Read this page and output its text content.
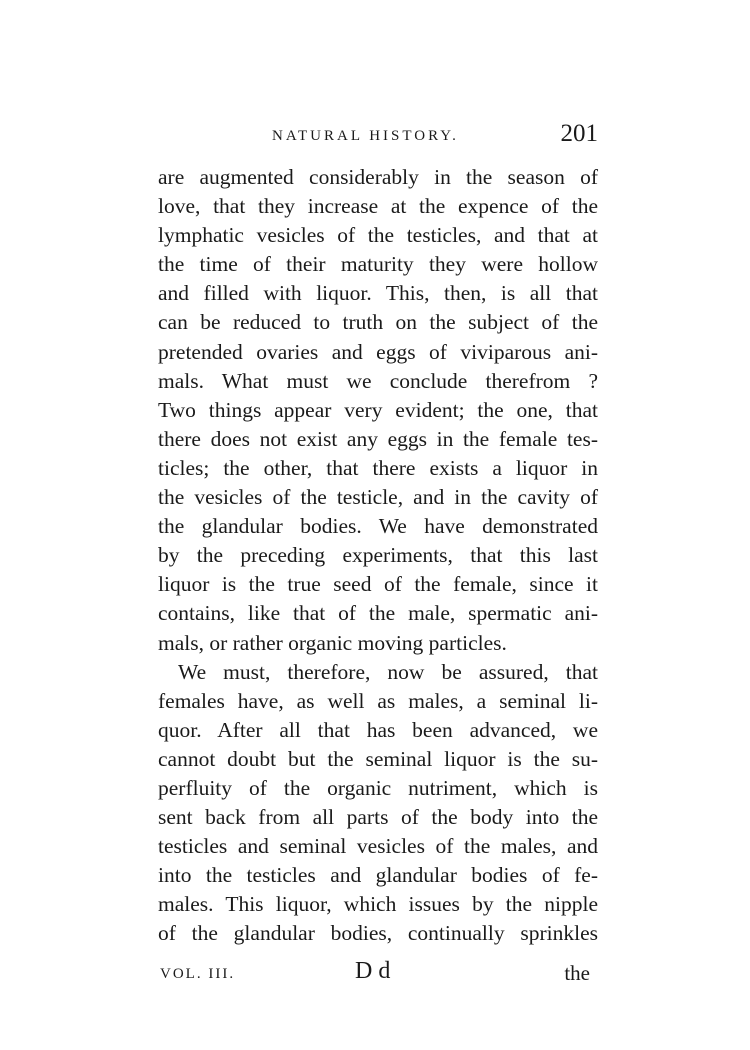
NATURAL HISTORY.	201
are augmented considerably in the season of
love, that they increase at the expence of the
lymphatic vesicles of the testicles, and that at
the time of their maturity they were hollow
and filled with liquor. This, then, is all that
can be reduced to truth on the subject of the
pretended ovaries and eggs of viviparous ani-
mals. What must we conclude therefrom ?
Two things appear very evident; the one, that
there does not exist any eggs in the female tes-
ticles; the other, that there exists a liquor in
the vesicles of the testicle, and in the cavity of
the glandular bodies. We have demonstrated
by the preceding experiments, that this last
liquor is the true seed of the female, since it
contains, like that of the male, spermatic ani-
mals, or rather organic moving particles.
We must, therefore, now be assured, that
females have, as well as males, a seminal li-
quor. After all that has been advanced, we
cannot doubt but the seminal liquor is the su-
perfluity of the organic nutriment, which is
sent back from all parts of the body into the
testicles and seminal vesicles of the males, and
into the testicles and glandular bodies of fe-
males. This liquor, which issues by the nipple
of the glandular bodies, continually sprinkles
VOL. III.	D d	the
